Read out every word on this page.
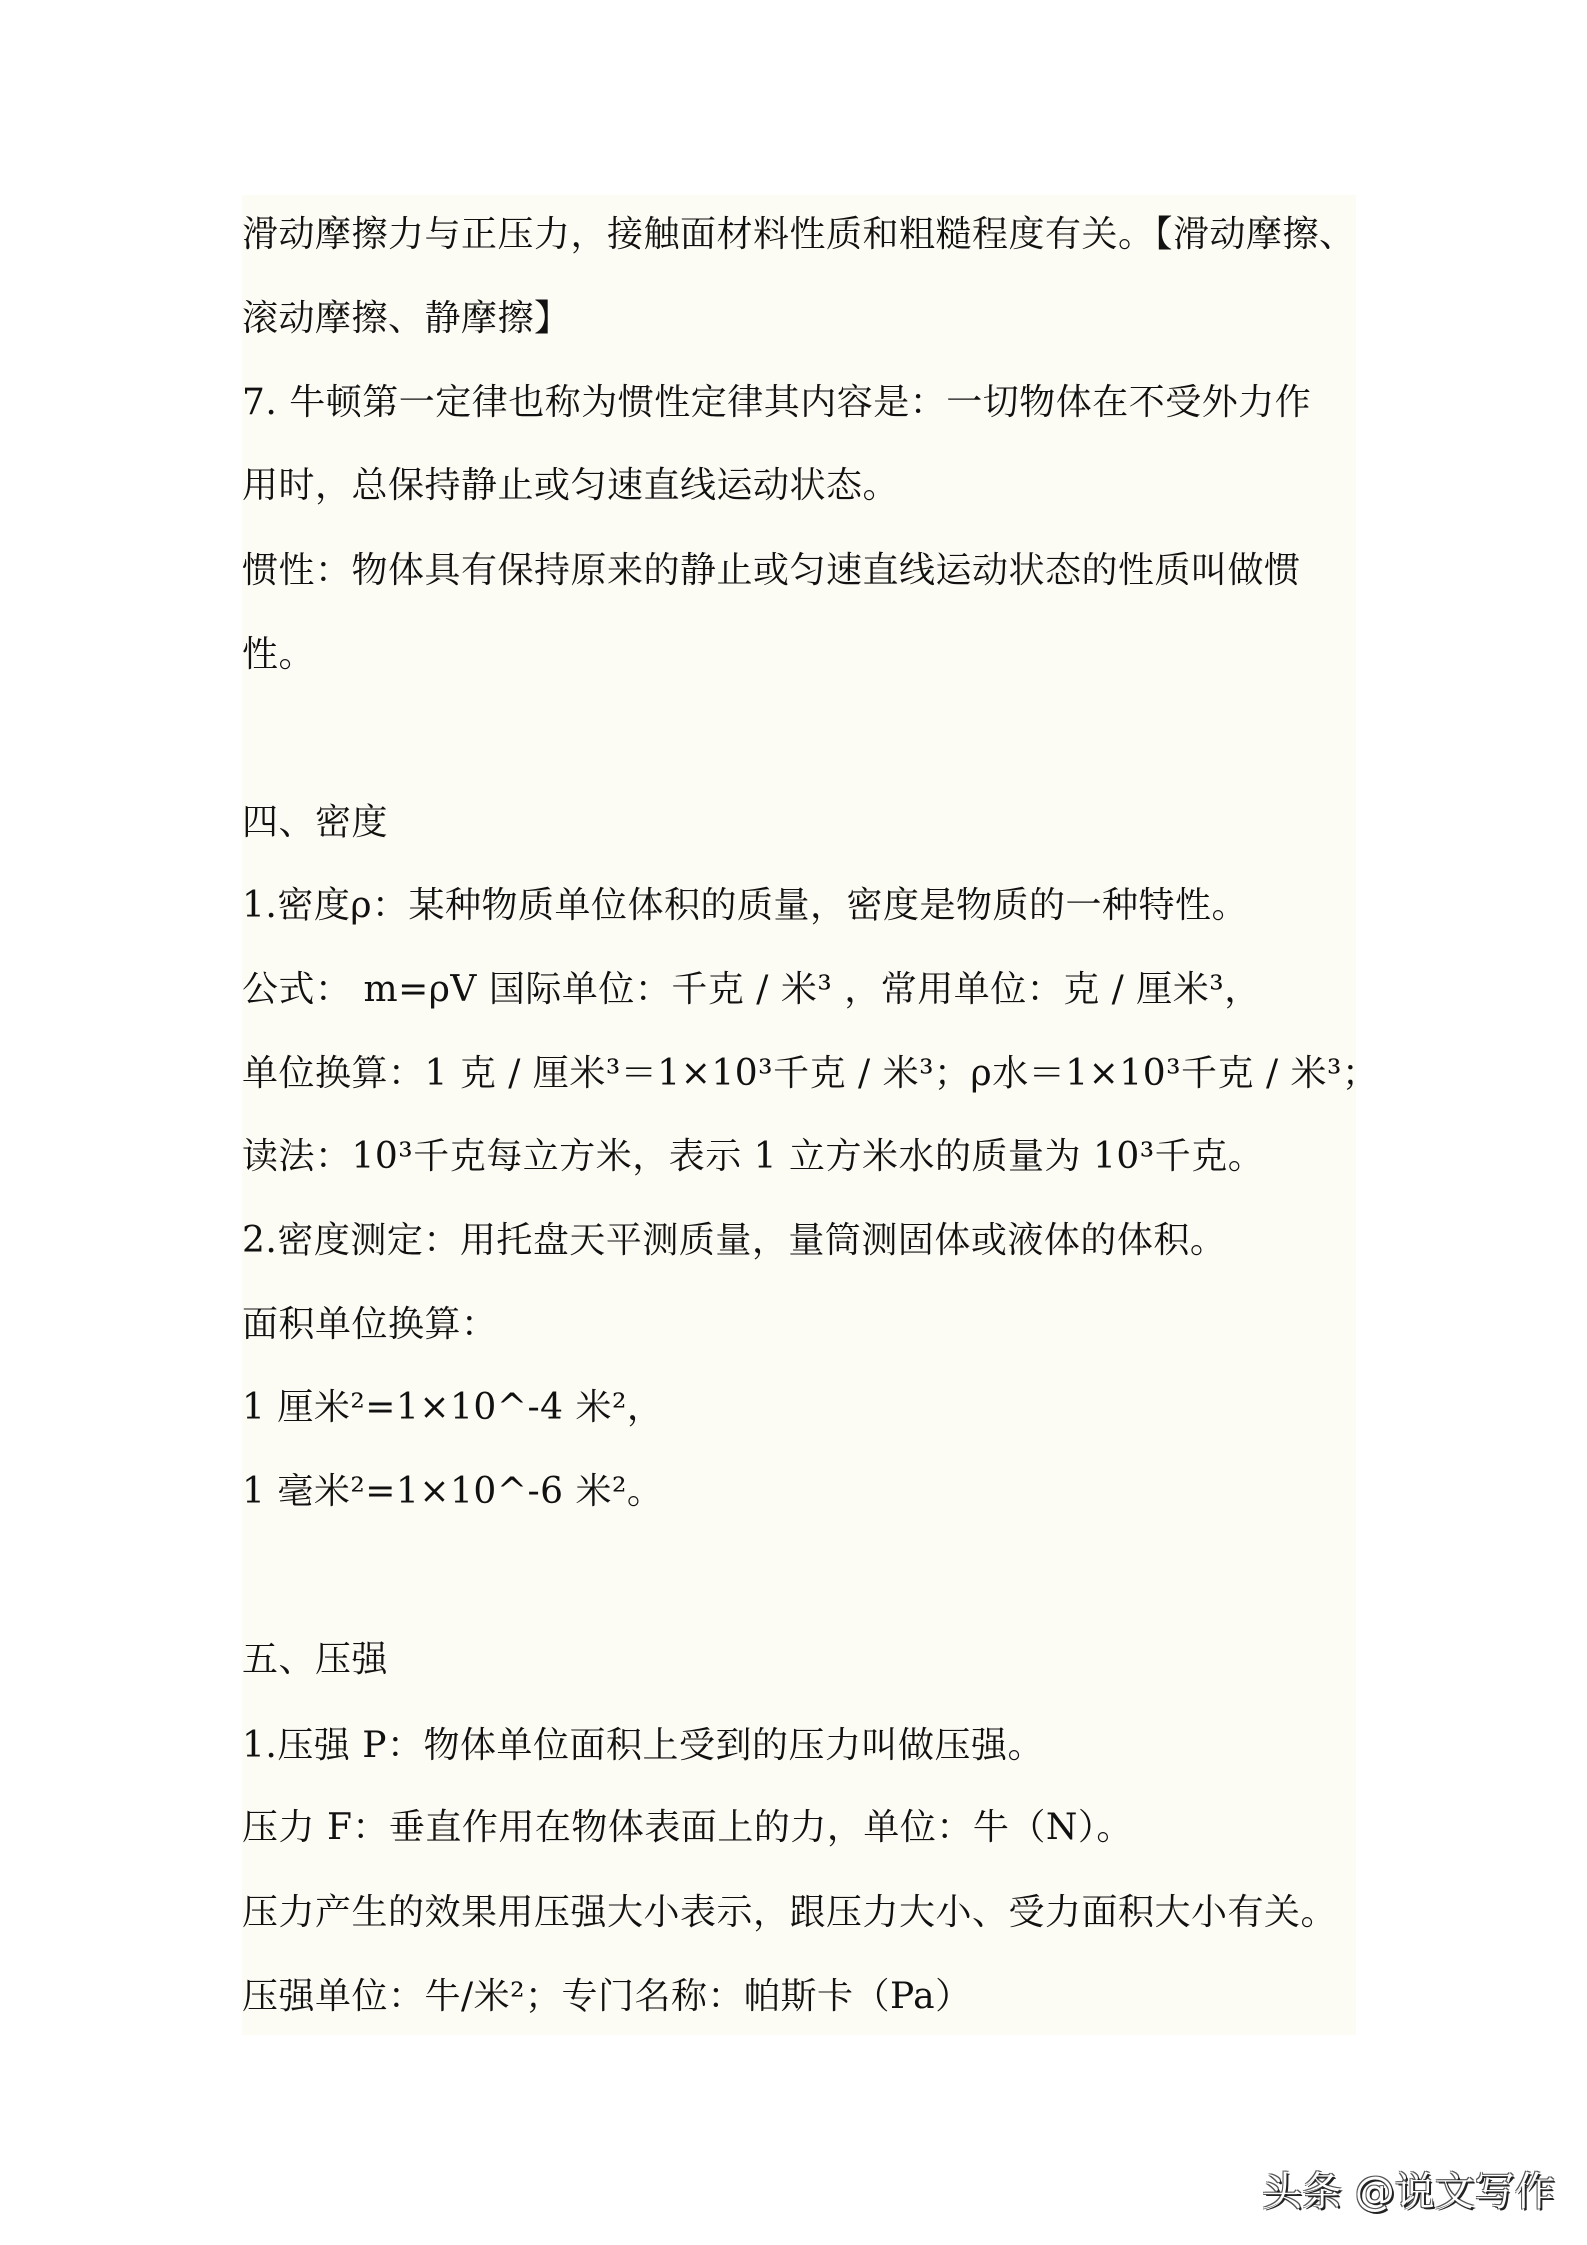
滑动摩擦力与正压力，接触面材料性质和粗糙程度有关。【滑动摩擦、
滚动摩擦、静摩擦】
7. 牛顿第一定律也称为惯性定律其内容是：一切物体在不受外力作
用时，总保持静止或匀速直线运动状态。
惯性：物体具有保持原来的静止或匀速直线运动状态的性质叫做惯
性。
四、密度
1.密度ρ：某种物质单位体积的质量，密度是物质的一种特性。
公式： m=ρV 国际单位：千克 / 米³ ，常用单位：克 / 厘米³，
单位换算：1 克 / 厘米³＝1×10³千克 / 米³；ρ水＝1×10³千克 / 米³；
读法：10³千克每立方米，表示 1 立方米水的质量为 10³千克。
2.密度测定：用托盘天平测质量，量筒测固体或液体的体积。
面积单位换算：
1 厘米²=1×10^-4 米²，
1 毫米²=1×10^-6 米²。
五、压强
1.压强 P：物体单位面积上受到的压力叫做压强。
压力 F：垂直作用在物体表面上的力，单位：牛（N）。
压力产生的效果用压强大小表示，跟压力大小、受力面积大小有关。
压强单位：牛/米²；专门名称：帕斯卡（Pa）
头条 @说文写作
